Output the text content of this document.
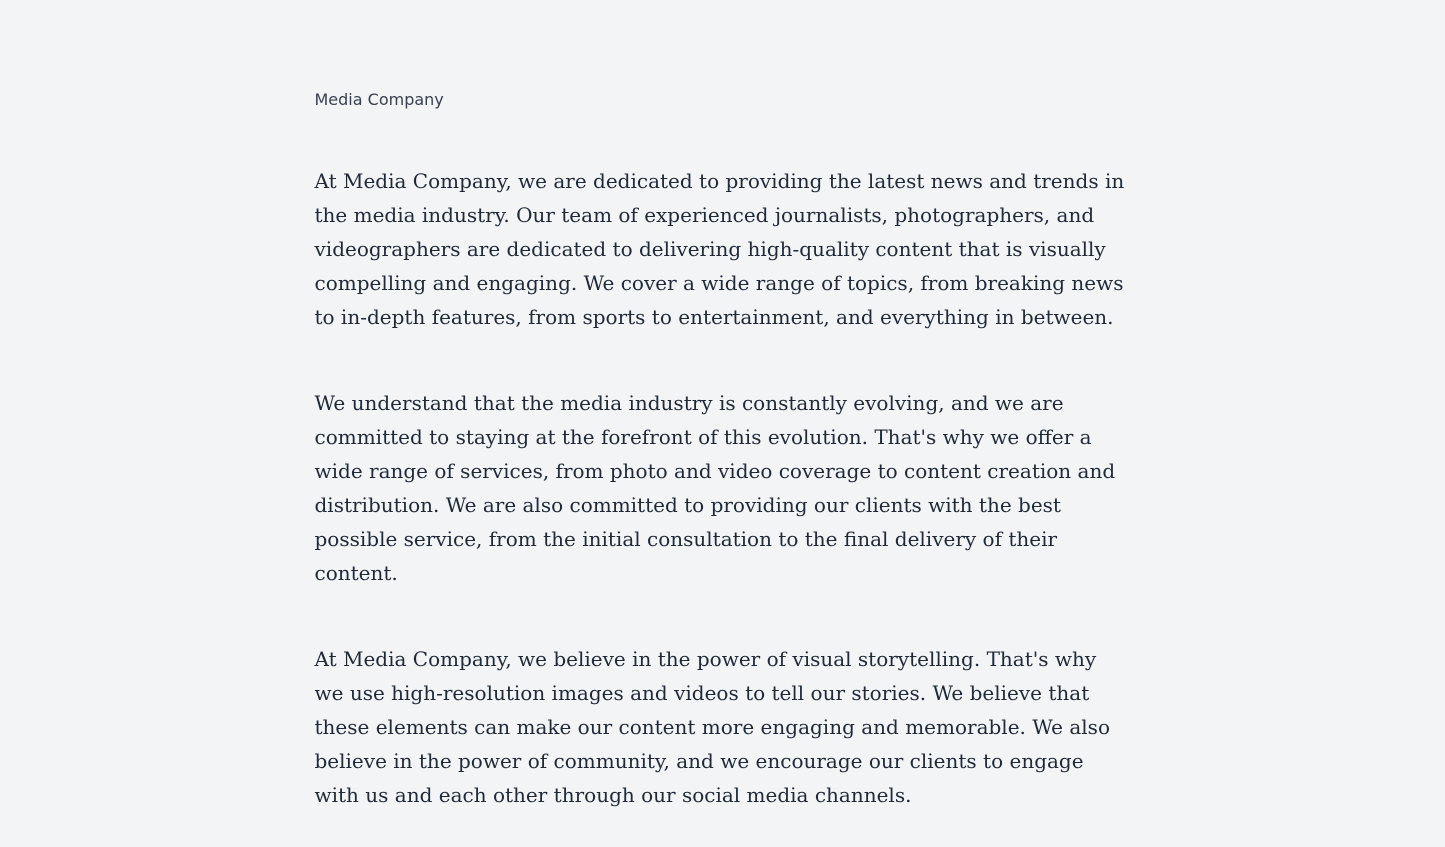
Media Company

At Media Company, we are dedicated to providing the latest news and trends in the media industry. Our team of experienced journalists, photographers, and videographers are dedicated to delivering high-quality content that is visually compelling and engaging. We cover a wide range of topics, from breaking news to in-depth features, from sports to entertainment, and everything in between.

We understand that the media industry is constantly evolving, and we are committed to staying at the forefront of this evolution. That's why we offer a wide range of services, from photo and video coverage to content creation and distribution. We are also committed to providing our clients with the best possible service, from the initial consultation to the final delivery of their content.

At Media Company, we believe in the power of visual storytelling. That's why we use high-resolution images and videos to tell our stories. We believe that these elements can make our content more engaging and memorable. We also believe in the power of community, and we encourage our clients to engage with us and each other through our social media channels.
